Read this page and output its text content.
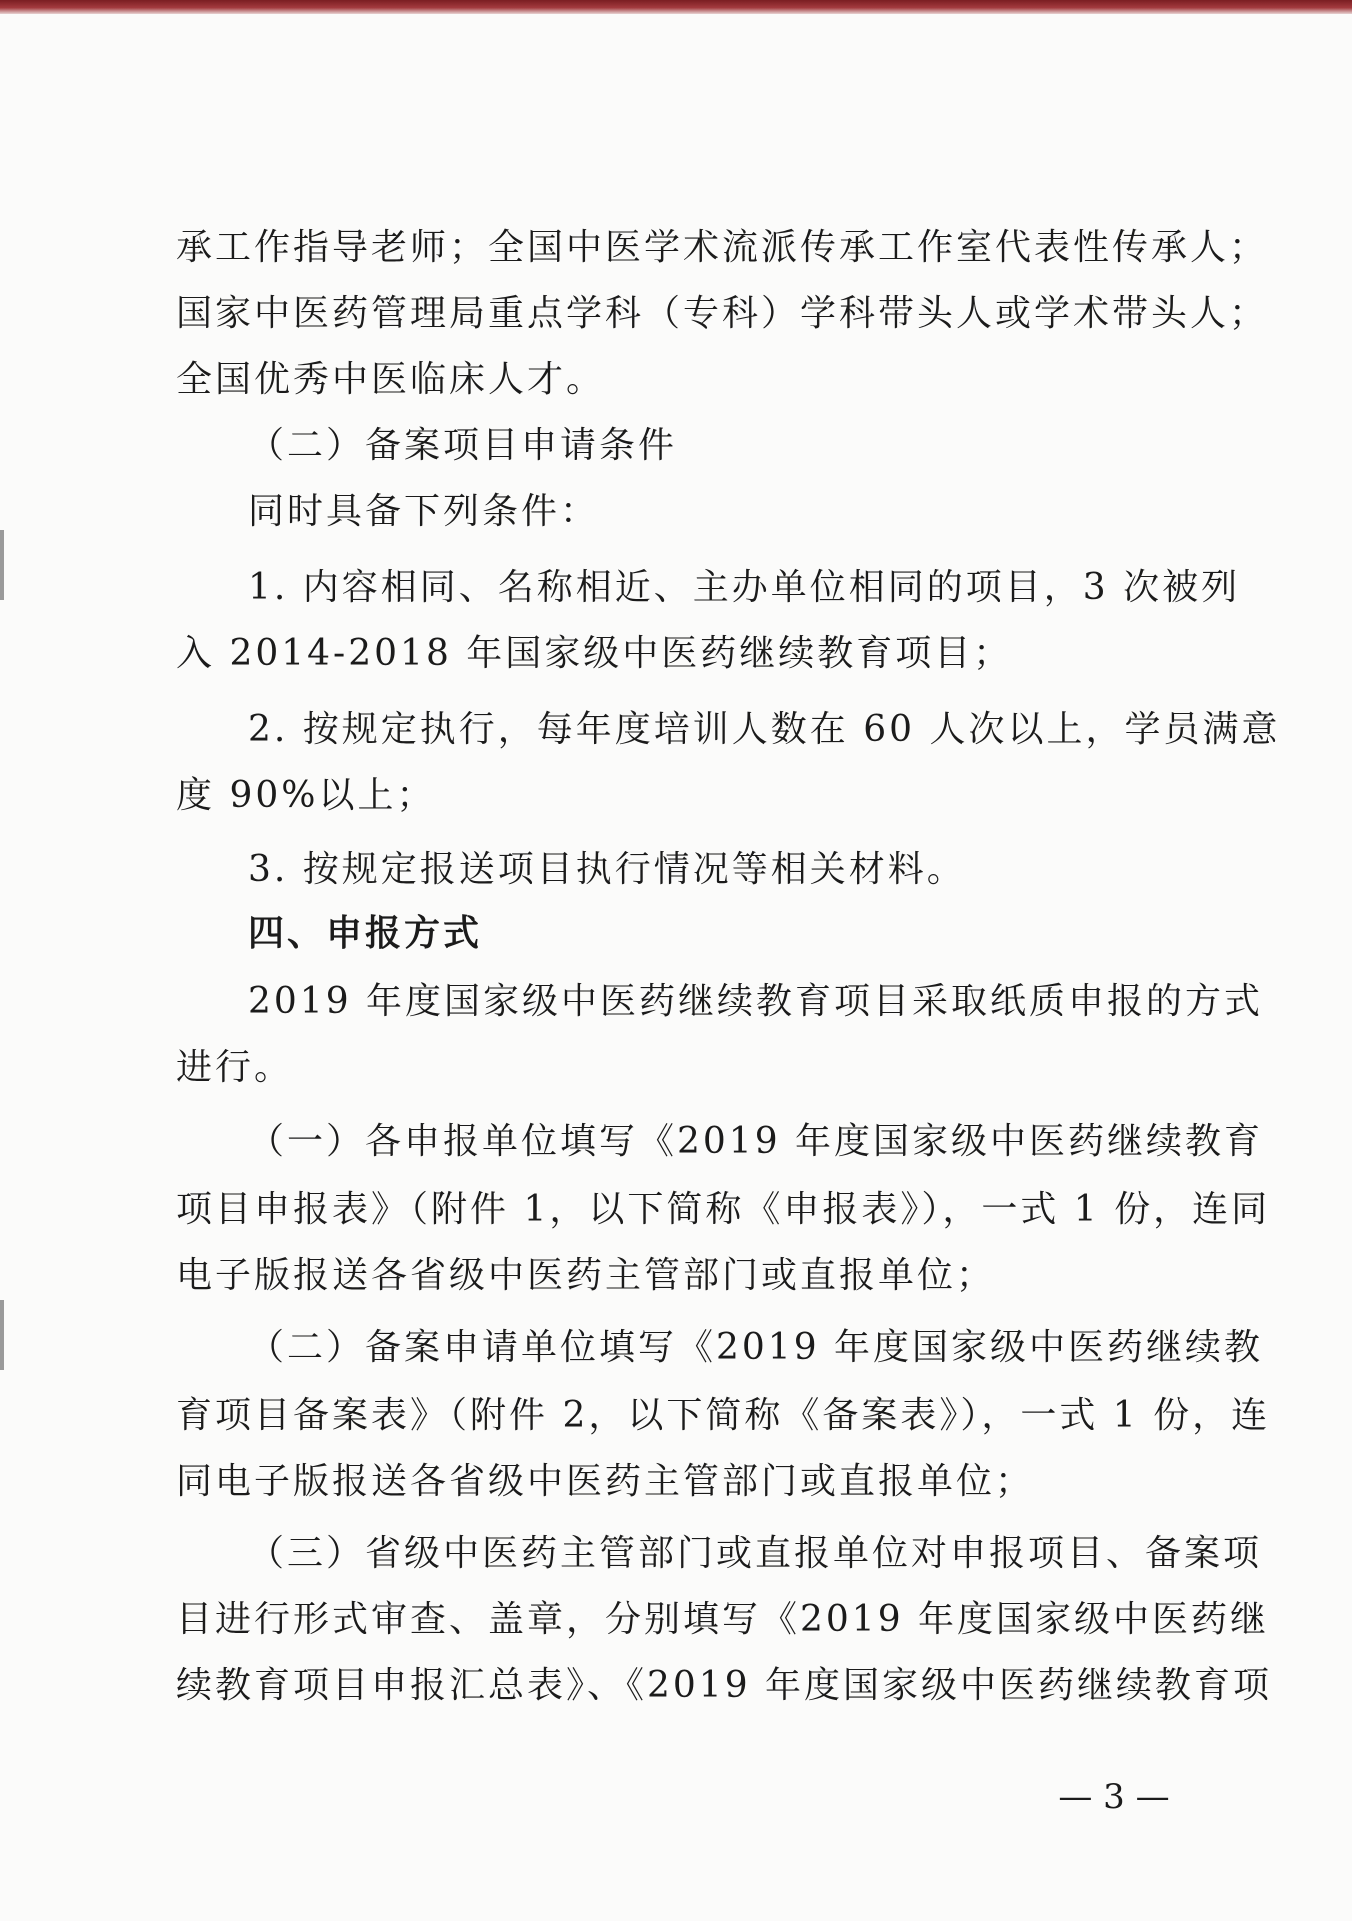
承工作指导老师；全国中医学术流派传承工作室代表性传承人；
国家中医药管理局重点学科（专科）学科带头人或学术带头人；
全国优秀中医临床人才。
（二）备案项目申请条件
同时具备下列条件：
1. 内容相同、名称相近、主办单位相同的项目，3 次被列
入 2014-2018 年国家级中医药继续教育项目；
2. 按规定执行，每年度培训人数在 60 人次以上，学员满意
度 90%以上；
3. 按规定报送项目执行情况等相关材料。
四、申报方式
2019 年度国家级中医药继续教育项目采取纸质申报的方式
进行。
（一）各申报单位填写《2019 年度国家级中医药继续教育
项目申报表》（附件 1，以下简称《申报表》），一式 1 份，连同
电子版报送各省级中医药主管部门或直报单位；
（二）备案申请单位填写《2019 年度国家级中医药继续教
育项目备案表》（附件 2，以下简称《备案表》），一式 1 份，连
同电子版报送各省级中医药主管部门或直报单位；
（三）省级中医药主管部门或直报单位对申报项目、备案项
目进行形式审查、盖章，分别填写《2019 年度国家级中医药继
续教育项目申报汇总表》、《2019 年度国家级中医药继续教育项
— 3 —
